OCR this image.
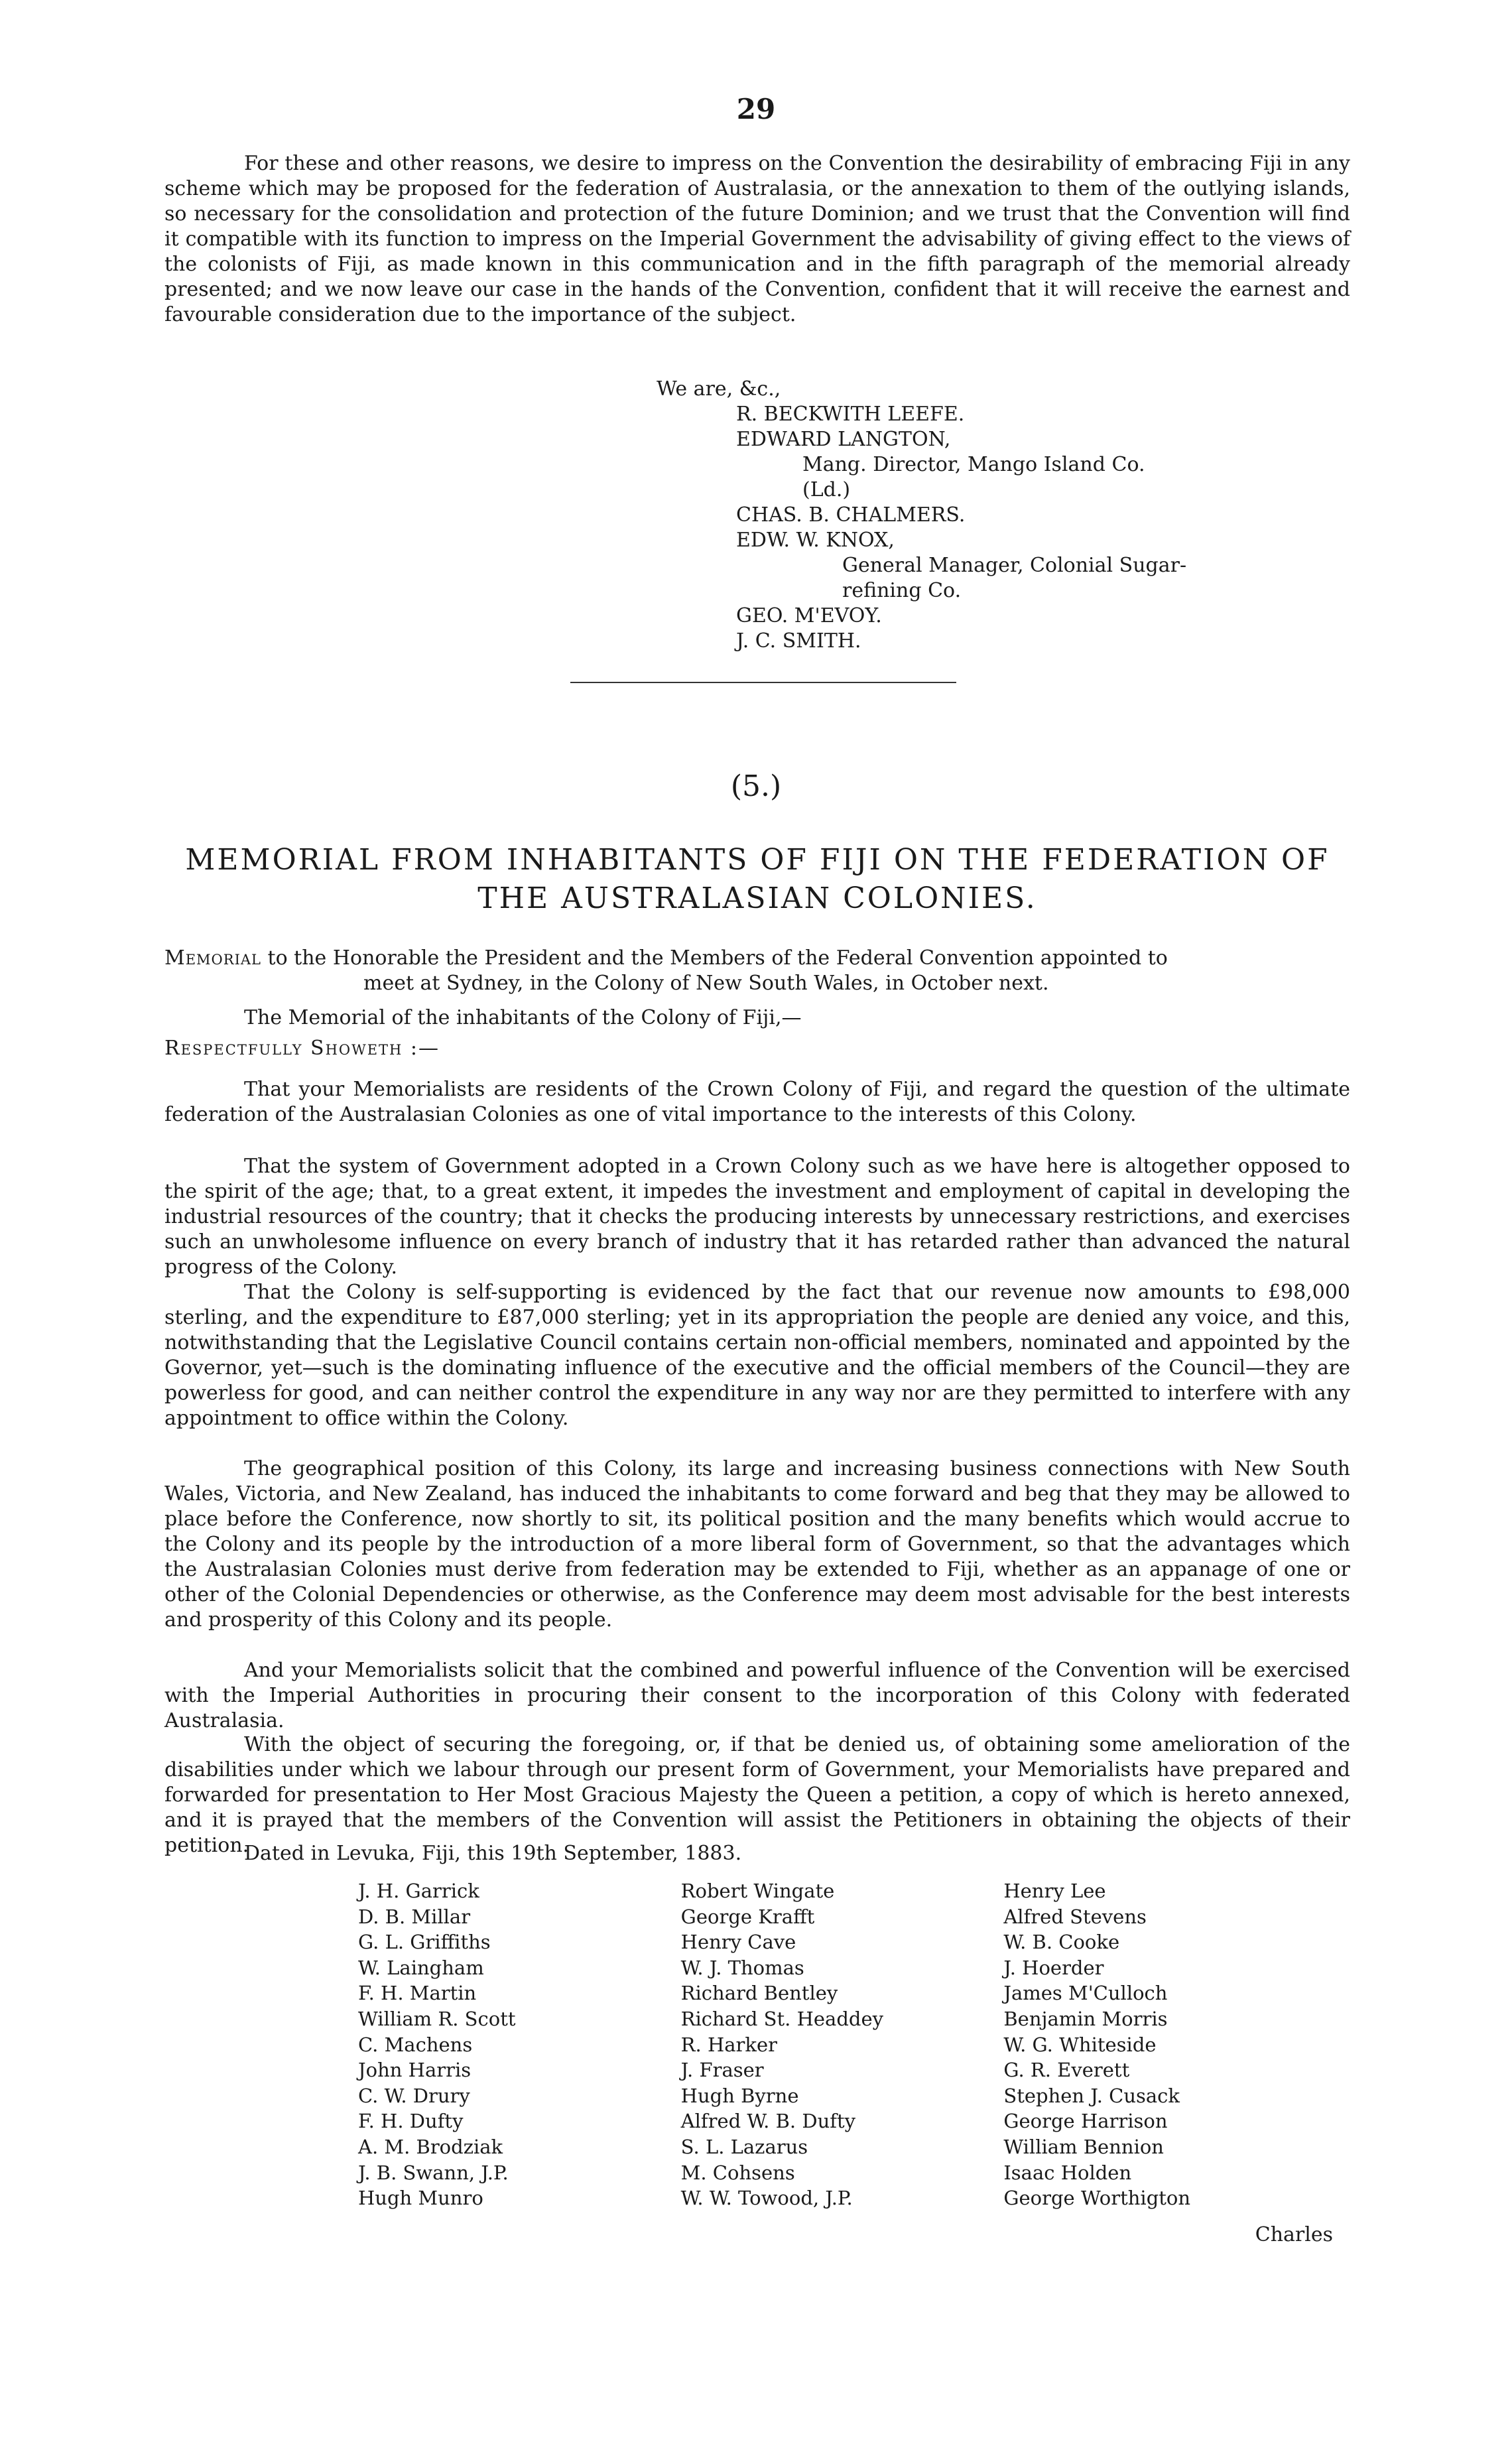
29

For these and other reasons, we desire to impress on the Convention the desirability of embracing Fiji in any scheme which may be proposed for the federation of Australasia, or the annexation to them of the outlying islands, so necessary for the consolidation and protection of the future Dominion; and we trust that the Convention will find it compatible with its function to impress on the Imperial Government the advisability of giving effect to the views of the colonists of Fiji, as made known in this communication and in the fifth paragraph of the memorial already presented; and we now leave our case in the hands of the Convention, confident that it will receive the earnest and favourable consideration due to the importance of the subject.

We are, &c.,
R. BECKWITH LEEFE.
EDWARD LANGTON,
Mang. Director, Mango Island Co. (Ld.)
CHAS. B. CHALMERS.
EDW. W. KNOX,
General Manager, Colonial Sugar-refining Co.
GEO. M'EVOY.
J. C. SMITH.
(5.)
MEMORIAL FROM INHABITANTS OF FIJI ON THE FEDERATION OF THE AUSTRALASIAN COLONIES.
Memorial to the Honorable the President and the Members of the Federal Convention appointed to
meet at Sydney, in the Colony of New South Wales, in October next.
The Memorial of the inhabitants of the Colony of Fiji,—
Respectfully Showeth :—

That your Memorialists are residents of the Crown Colony of Fiji, and regard the question of the ultimate federation of the Australasian Colonies as one of vital importance to the interests of this Colony.

That the system of Government adopted in a Crown Colony such as we have here is altogether opposed to the spirit of the age; that, to a great extent, it impedes the investment and employment of capital in developing the industrial resources of the country; that it checks the producing interests by unnecessary restrictions, and exercises such an unwholesome influence on every branch of industry that it has retarded rather than advanced the natural progress of the Colony.

That the Colony is self-supporting is evidenced by the fact that our revenue now amounts to £98,000 sterling, and the expenditure to £87,000 sterling; yet in its appropriation the people are denied any voice, and this, notwithstanding that the Legislative Council contains certain non-official members, nominated and appointed by the Governor, yet—such is the dominating influence of the executive and the official members of the Council—they are powerless for good, and can neither control the expenditure in any way nor are they permitted to interfere with any appointment to office within the Colony.

The geographical position of this Colony, its large and increasing business connections with New South Wales, Victoria, and New Zealand, has induced the inhabitants to come forward and beg that they may be allowed to place before the Conference, now shortly to sit, its political position and the many benefits which would accrue to the Colony and its people by the introduction of a more liberal form of Government, so that the advantages which the Australasian Colonies must derive from federation may be extended to Fiji, whether as an appanage of one or other of the Colonial Dependencies or otherwise, as the Conference may deem most advisable for the best interests and prosperity of this Colony and its people.

And your Memorialists solicit that the combined and powerful influence of the Convention will be exercised with the Imperial Authorities in procuring their consent to the incorporation of this Colony with federated Australasia.

With the object of securing the foregoing, or, if that be denied us, of obtaining some amelioration of the disabilities under which we labour through our present form of Government, your Memorialists have prepared and forwarded for presentation to Her Most Gracious Majesty the Queen a petition, a copy of which is hereto annexed, and it is prayed that the members of the Convention will assist the Petitioners in obtaining the objects of their petition.

Dated in Levuka, Fiji, this 19th September, 1883.
J. H. Garrick
D. B. Millar
G. L. Griffiths
W. Laingham
F. H. Martin
William R. Scott
C. Machens
John Harris
C. W. Drury
F. H. Dufty
A. M. Brodziak
J. B. Swann, J.P.
Hugh Munro
Robert Wingate
George Krafft
Henry Cave
W. J. Thomas
Richard Bentley
Richard St. Headdey
R. Harker
J. Fraser
Hugh Byrne
Alfred W. B. Dufty
S. L. Lazarus
M. Cohsens
W. W. Towood, J.P.
Henry Lee
Alfred Stevens
W. B. Cooke
J. Hoerder
James M'Culloch
Benjamin Morris
W. G. Whiteside
G. R. Everett
Stephen J. Cusack
George Harrison
William Bennion
Isaac Holden
George Worthigton
Charles
